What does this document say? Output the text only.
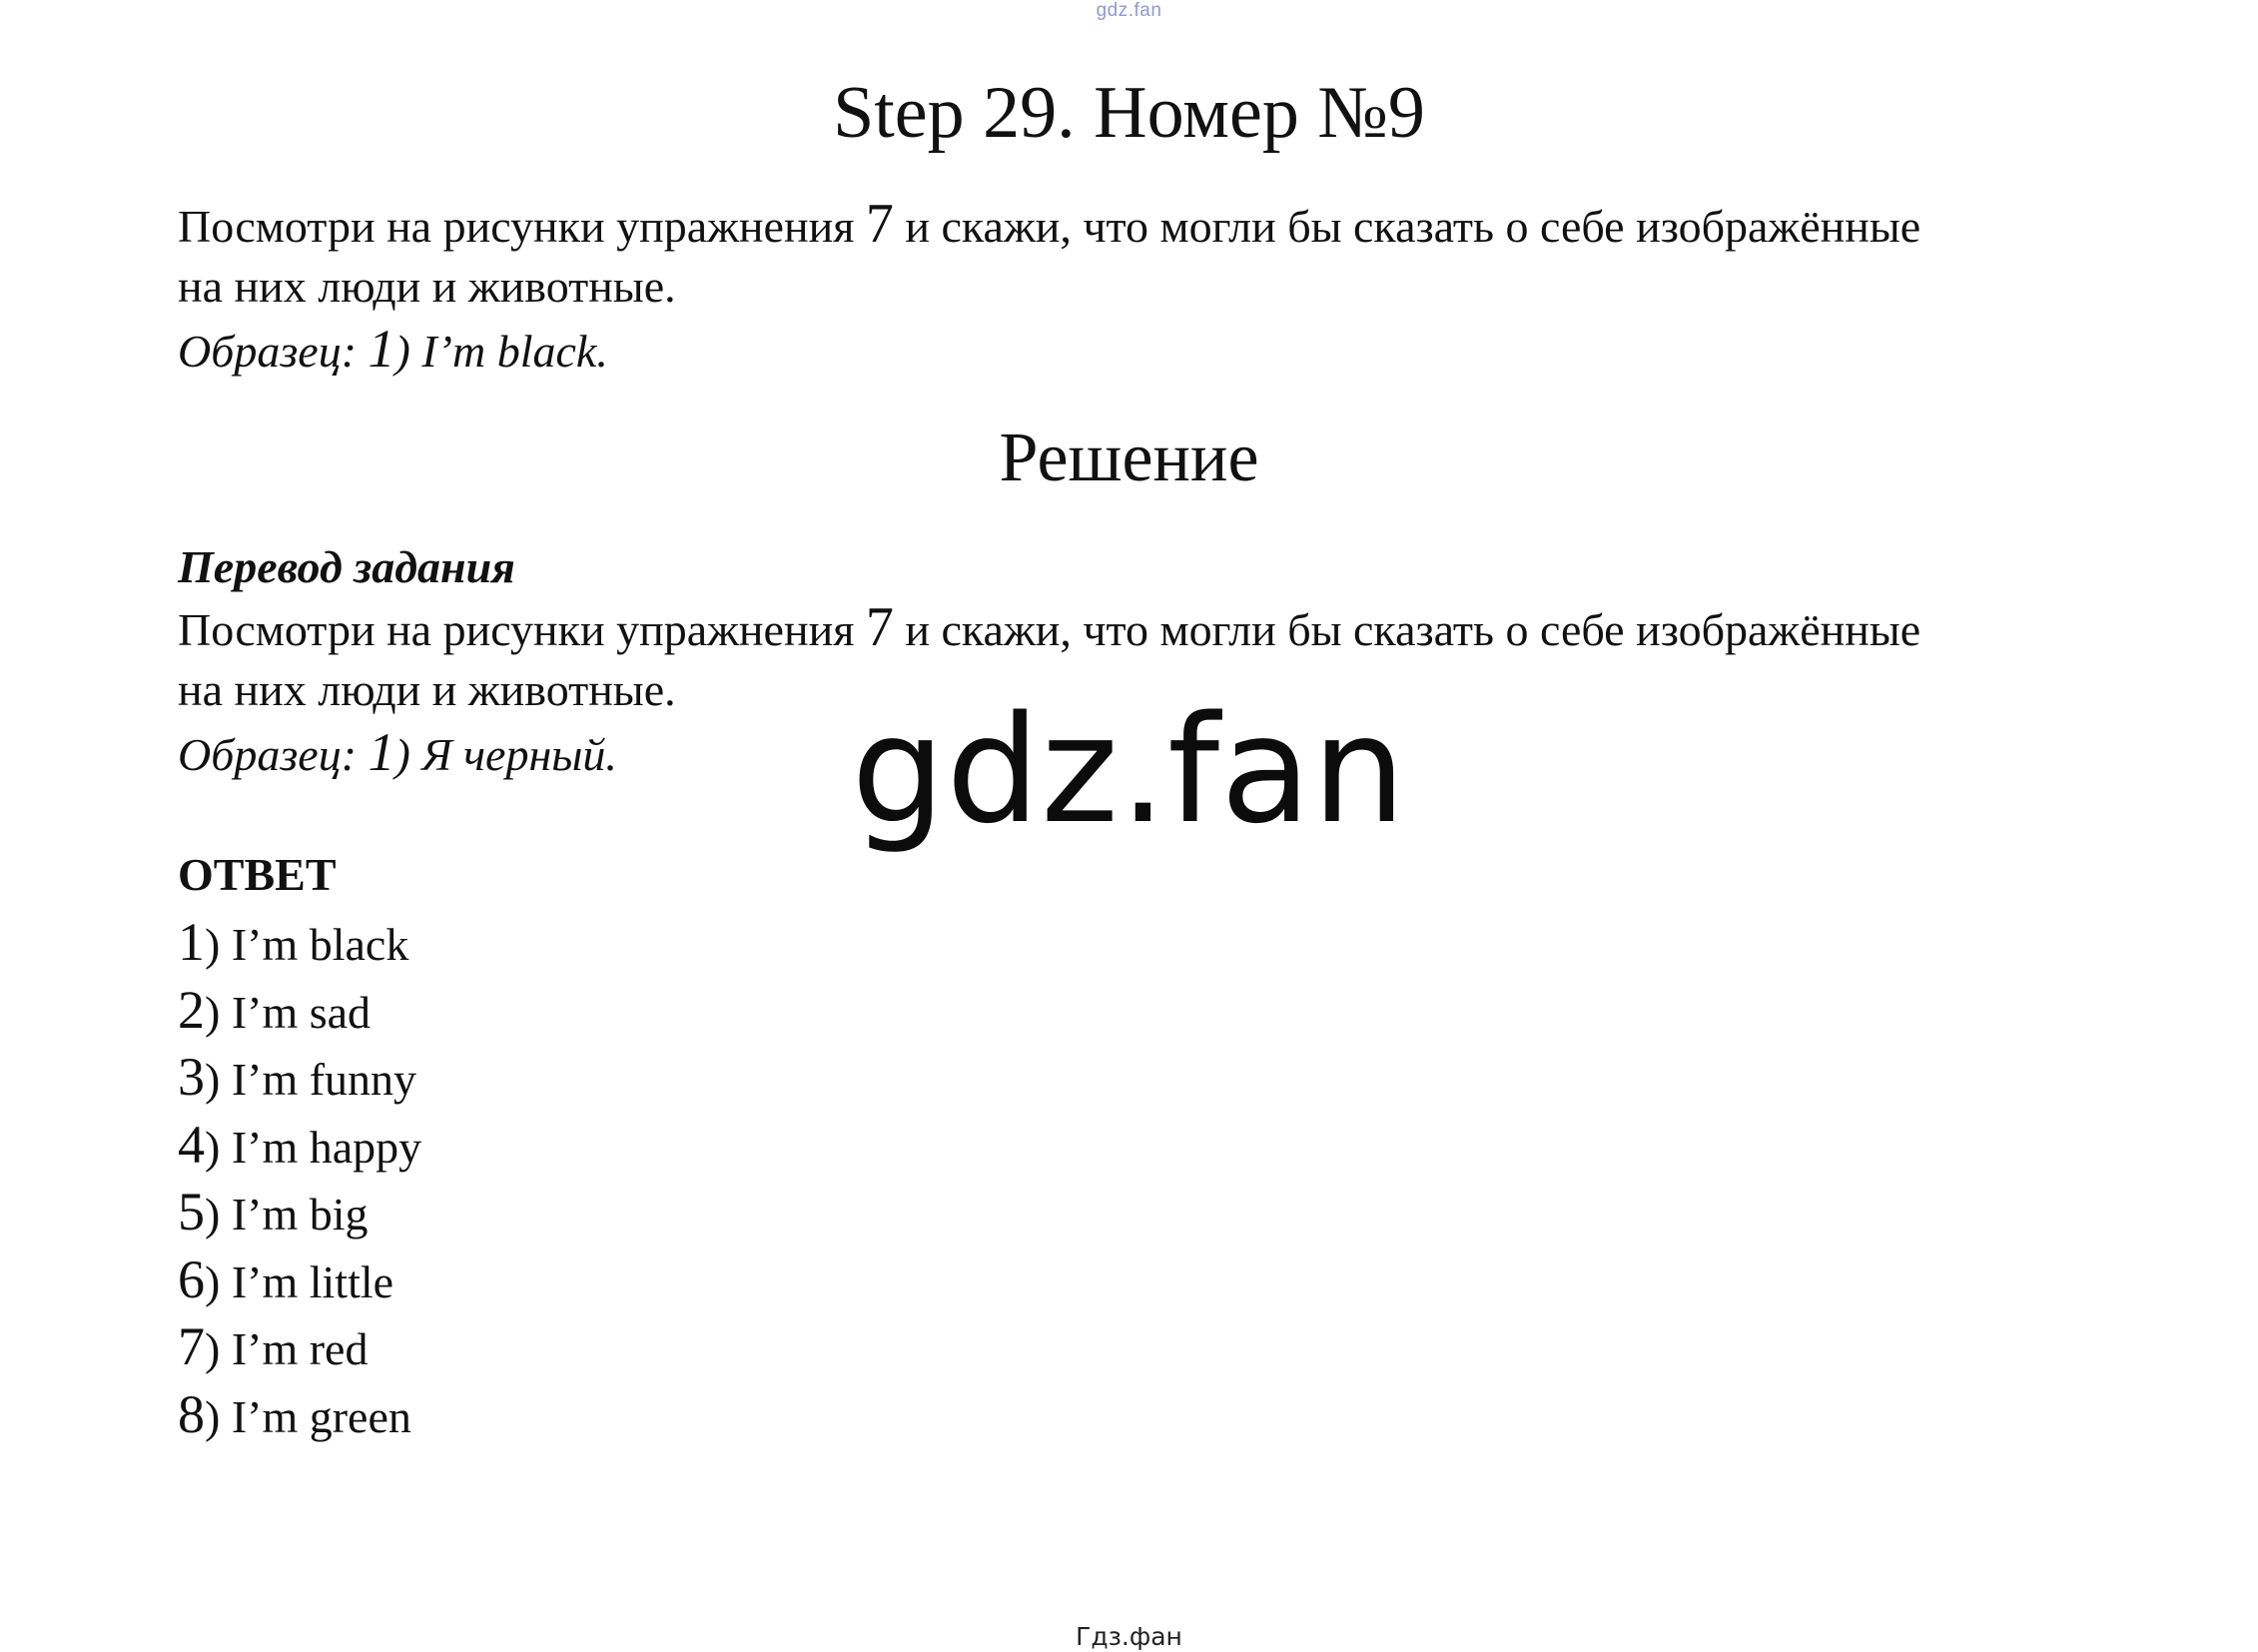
gdz.fan
Step 29. Номер №9

Посмотри на рисунки упражнения 7 и скажи, что могли бы сказать о себе изображённые

на них люди и животные.

Образец: 1) I’m black.

Решение

Перевод задания

Посмотри на рисунки упражнения 7 и скажи, что могли бы сказать о себе изображённые

на них люди и животные.

Образец: 1) Я черный.	gdz.fan

ОТВЕТ

1) I’m black
2) I’m sad
3) I’m funny
4) I’m happy
5) I’m big
6) I’m little
7) I’m red
8) I’m green
Гдз.фан
